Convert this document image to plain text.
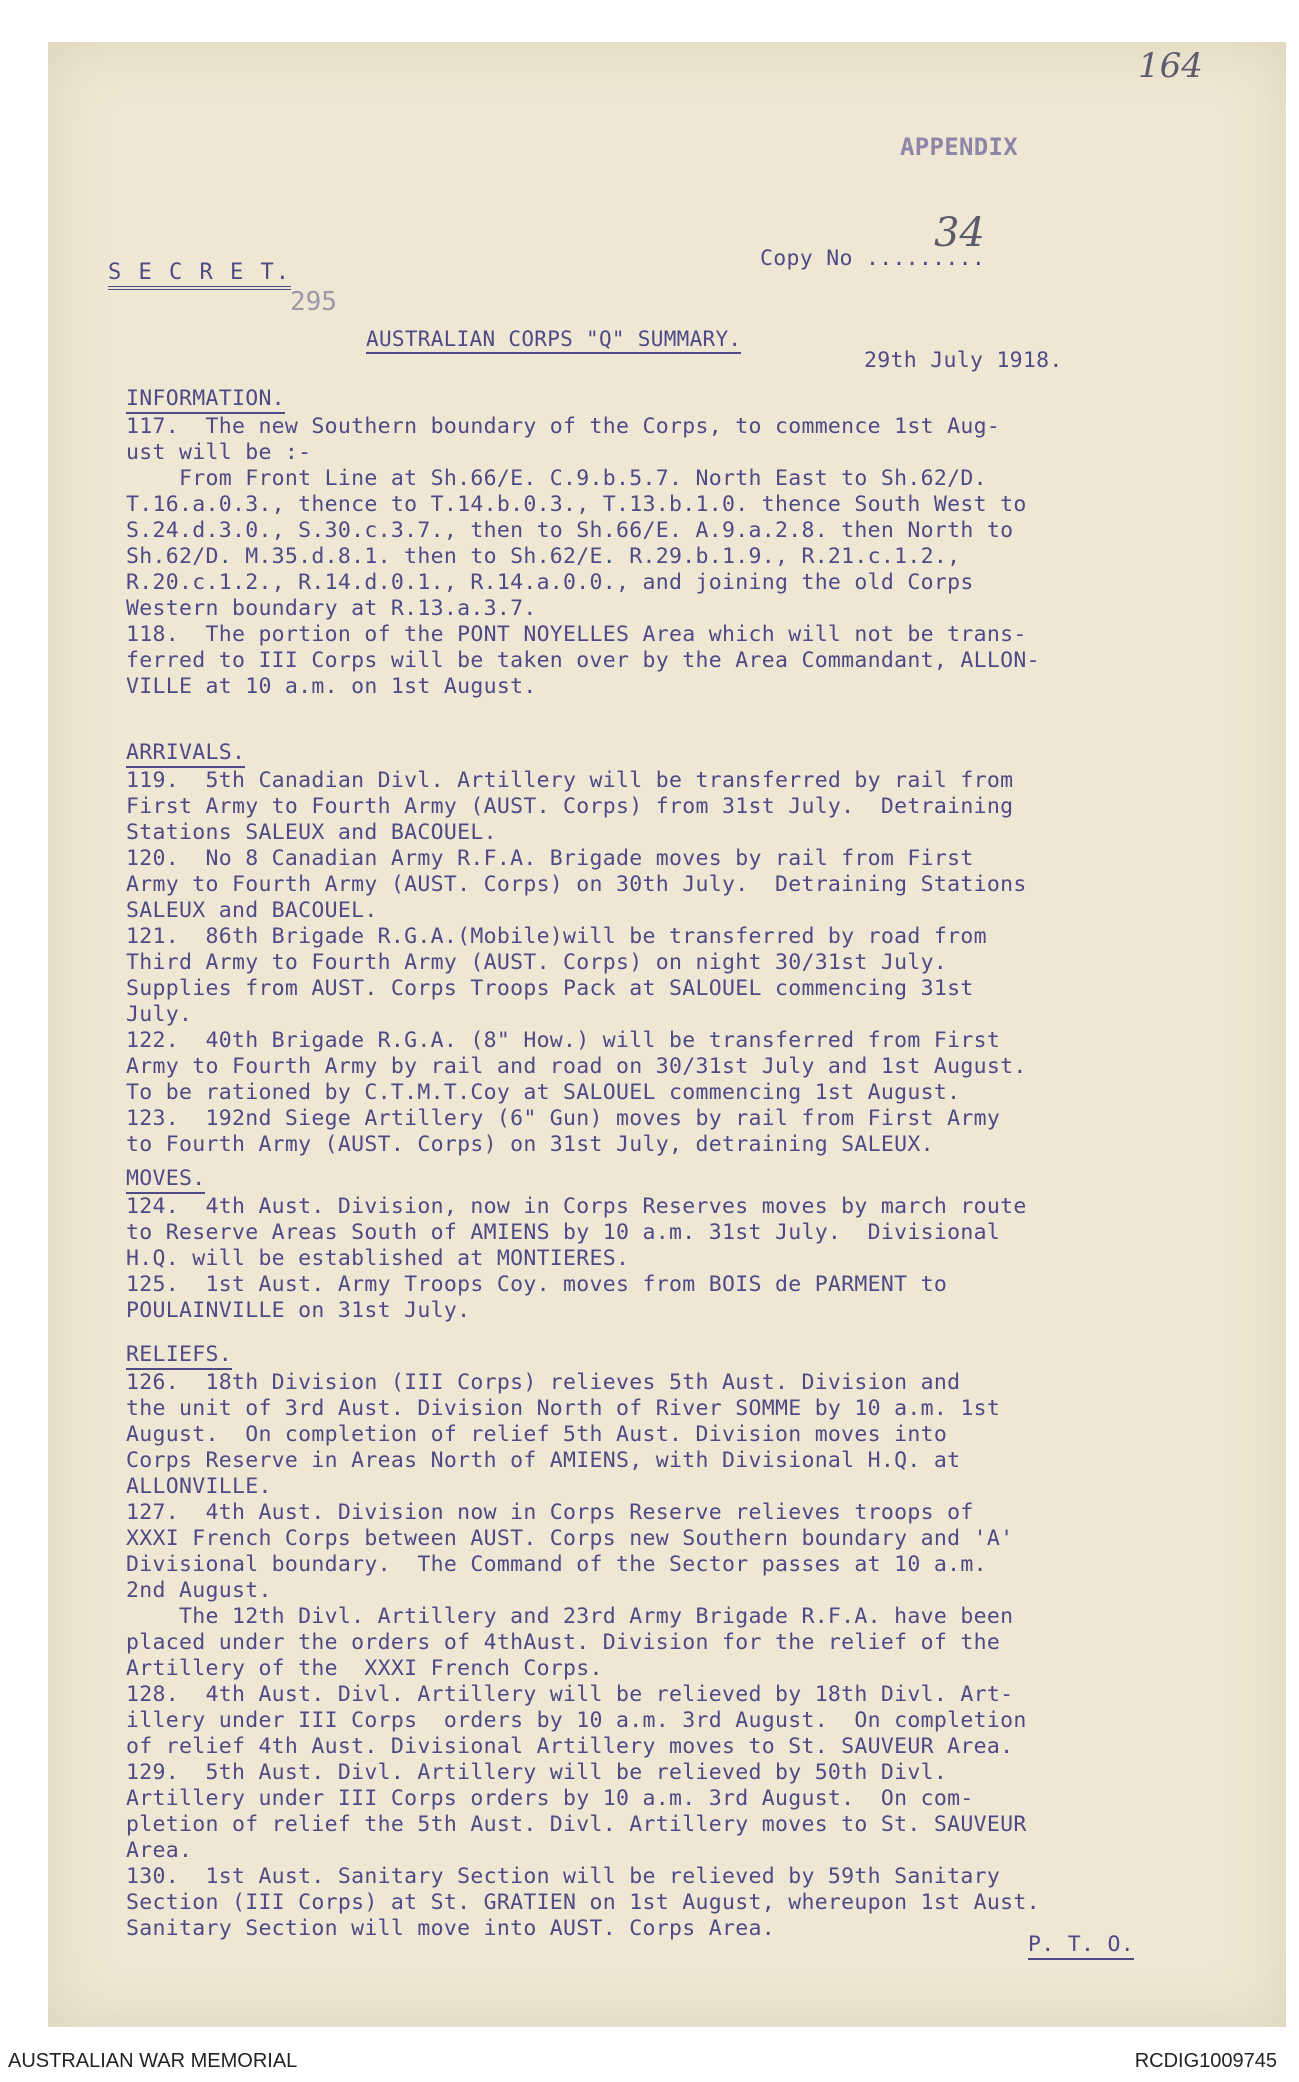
164
APPENDIX
S E C R E T.
295
Copy No .........
34
AUSTRALIAN CORPS "Q" SUMMARY.
29th July 1918.
INFORMATION.
117.  The new Southern boundary of the Corps, to commence 1st Aug-
ust will be :-
From Front Line at Sh.66/E. C.9.b.5.7. North East to Sh.62/D.
T.16.a.0.3., thence to T.14.b.0.3., T.13.b.1.0. thence South West to
S.24.d.3.0., S.30.c.3.7., then to Sh.66/E. A.9.a.2.8. then North to
Sh.62/D. M.35.d.8.1. then to Sh.62/E. R.29.b.1.9., R.21.c.1.2.,
R.20.c.1.2., R.14.d.0.1., R.14.a.0.0., and joining the old Corps
Western boundary at R.13.a.3.7.
118.  The portion of the PONT NOYELLES Area which will not be trans-
ferred to III Corps will be taken over by the Area Commandant, ALLON-
VILLE at 10 a.m. on 1st August.
ARRIVALS.
119.  5th Canadian Divl. Artillery will be transferred by rail from
First Army to Fourth Army (AUST. Corps) from 31st July.  Detraining
Stations SALEUX and BACOUEL.
120.  No 8 Canadian Army R.F.A. Brigade moves by rail from First
Army to Fourth Army (AUST. Corps) on 30th July.  Detraining Stations
SALEUX and BACOUEL.
121.  86th Brigade R.G.A.(Mobile)will be transferred by road from
Third Army to Fourth Army (AUST. Corps) on night 30/31st July.
Supplies from AUST. Corps Troops Pack at SALOUEL commencing 31st
July.
122.  40th Brigade R.G.A. (8" How.) will be transferred from First
Army to Fourth Army by rail and road on 30/31st July and 1st August.
To be rationed by C.T.M.T.Coy at SALOUEL commencing 1st August.
123.  192nd Siege Artillery (6" Gun) moves by rail from First Army
to Fourth Army (AUST. Corps) on 31st July, detraining SALEUX.
MOVES.
124.  4th Aust. Division, now in Corps Reserves moves by march route
to Reserve Areas South of AMIENS by 10 a.m. 31st July.  Divisional
H.Q. will be established at MONTIERES.
125.  1st Aust. Army Troops Coy. moves from BOIS de PARMENT to
POULAINVILLE on 31st July.
RELIEFS.
126.  18th Division (III Corps) relieves 5th Aust. Division and
the unit of 3rd Aust. Division North of River SOMME by 10 a.m. 1st
August.  On completion of relief 5th Aust. Division moves into
Corps Reserve in Areas North of AMIENS, with Divisional H.Q. at
ALLONVILLE.
127.  4th Aust. Division now in Corps Reserve relieves troops of
XXXI French Corps between AUST. Corps new Southern boundary and 'A'
Divisional boundary.  The Command of the Sector passes at 10 a.m.
2nd August.
The 12th Divl. Artillery and 23rd Army Brigade R.F.A. have been
placed under the orders of 4thAust. Division for the relief of the
Artillery of the  XXXI French Corps.
128.  4th Aust. Divl. Artillery will be relieved by 18th Divl. Art-
illery under III Corps  orders by 10 a.m. 3rd August.  On completion
of relief 4th Aust. Divisional Artillery moves to St. SAUVEUR Area.
129.  5th Aust. Divl. Artillery will be relieved by 50th Divl.
Artillery under III Corps orders by 10 a.m. 3rd August.  On com-
pletion of relief the 5th Aust. Divl. Artillery moves to St. SAUVEUR
Area.
130.  1st Aust. Sanitary Section will be relieved by 59th Sanitary
Section (III Corps) at St. GRATIEN on 1st August, whereupon 1st Aust.
Sanitary Section will move into AUST. Corps Area.
P. T. O.
AUSTRALIAN WAR MEMORIAL	RCDIG1009745
